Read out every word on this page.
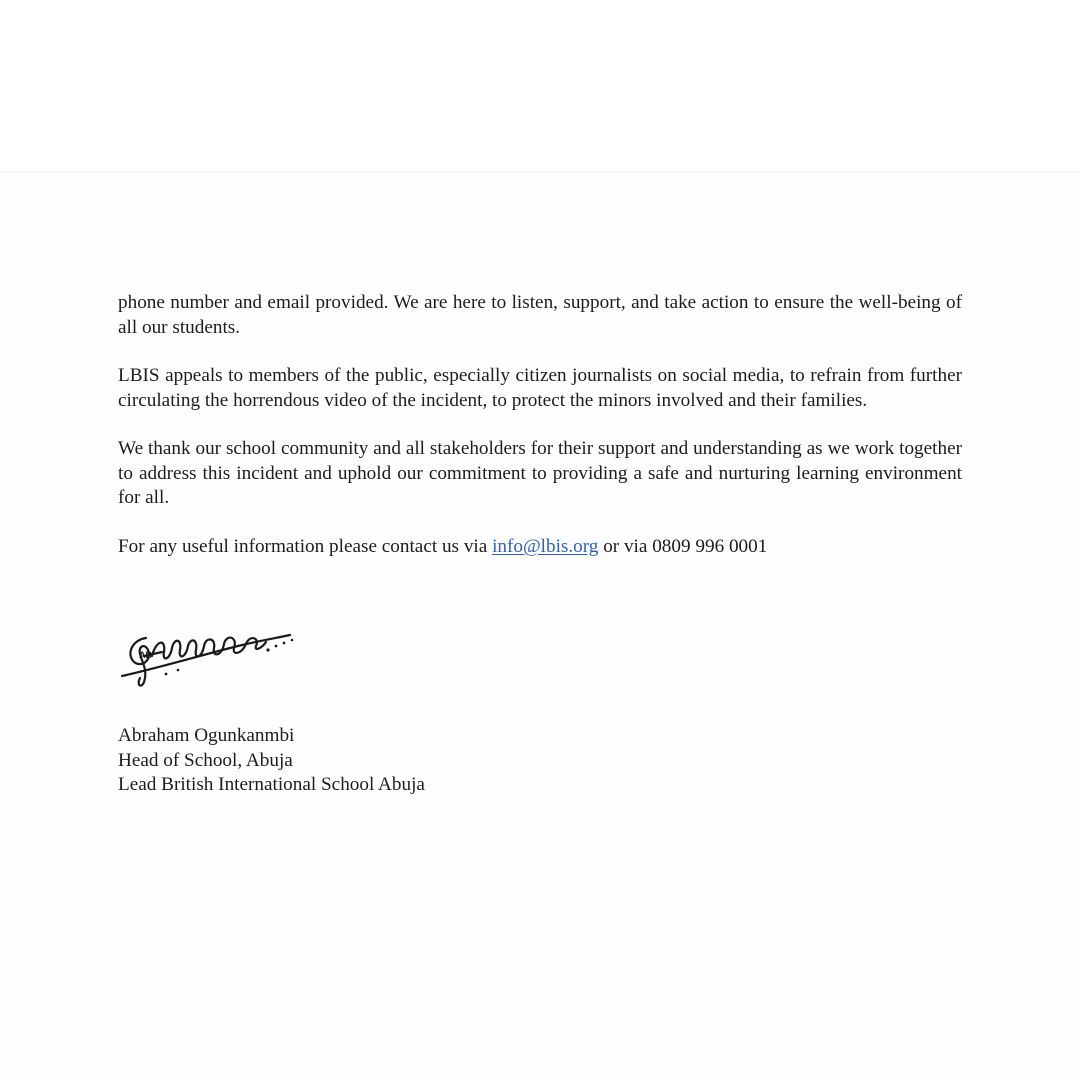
phone number and email provided. We are here to listen, support, and take action to ensure the well-being of all our students.

LBIS appeals to members of the public, especially citizen journalists on social media, to refrain from further circulating the horrendous video of the incident, to protect the minors involved and their families.

We thank our school community and all stakeholders for their support and understanding as we work together to address this incident and uphold our commitment to providing a safe and nurturing learning environment for all.

For any useful information please contact us via info@lbis.org or via 0809 996 0001

AB
Abraham Ogunkanmbi
Head of School, Abuja
Lead British International School Abuja
